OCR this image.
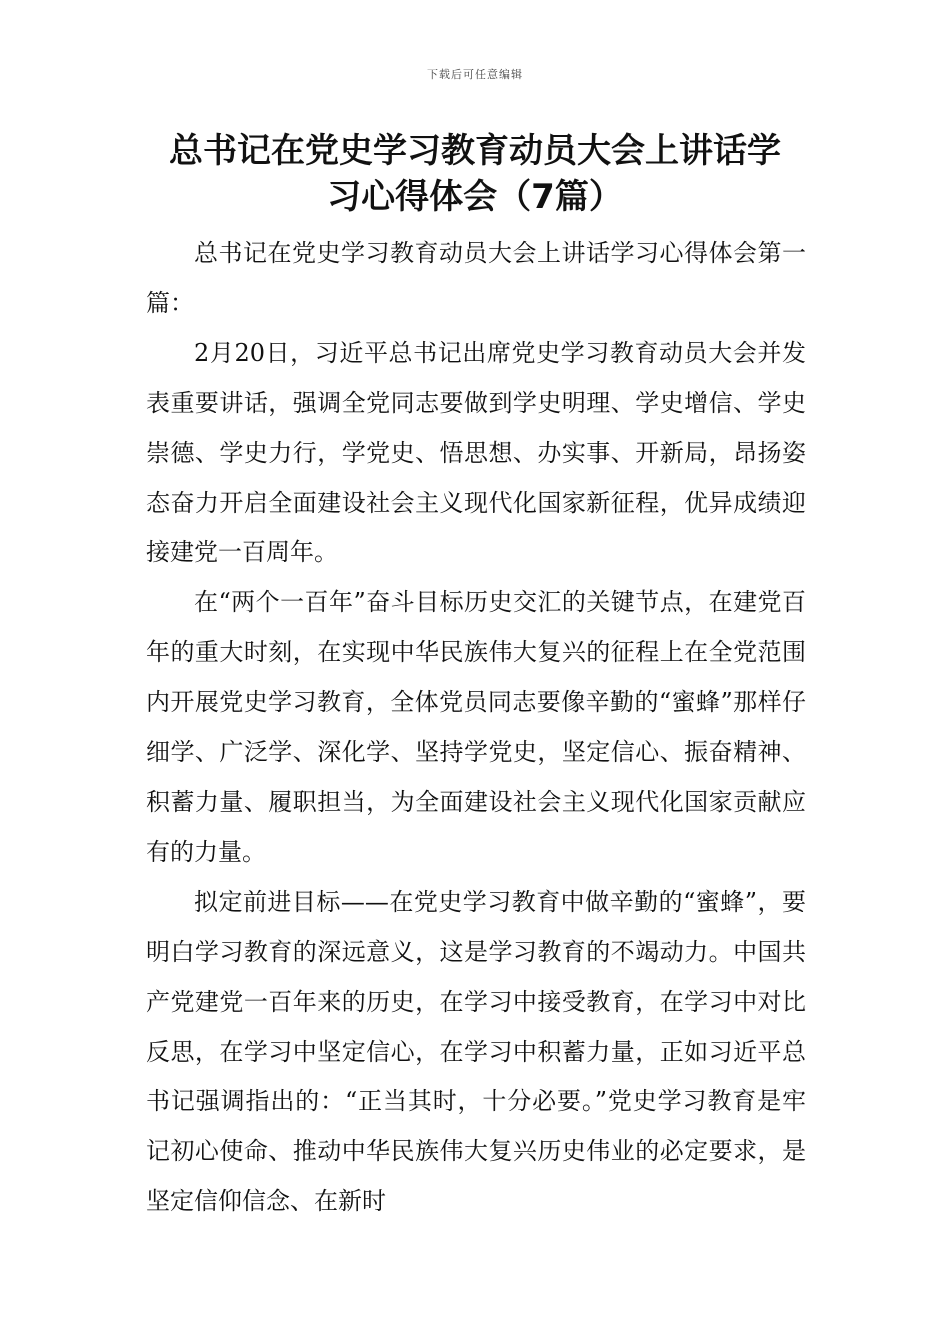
下载后可任意编辑
总书记在党史学习教育动员大会上讲话学
习心得体会（7篇）

总书记在党史学习教育动员大会上讲话学习心得体会第一篇：

2月20日，习近平总书记出席党史学习教育动员大会并发表重要讲话，强调全党同志要做到学史明理、学史增信、学史崇德、学史力行，学党史、悟思想、办实事、开新局，昂扬姿态奋力开启全面建设社会主义现代化国家新征程，优异成绩迎接建党一百周年。

在“两个一百年”奋斗目标历史交汇的关键节点，在建党百年的重大时刻，在实现中华民族伟大复兴的征程上在全党范围内开展党史学习教育，全体党员同志要像辛勤的“蜜蜂”那样仔细学、广泛学、深化学、坚持学党史，坚定信心、振奋精神、积蓄力量、履职担当，为全面建设社会主义现代化国家贡献应有的力量。

拟定前进目标——在党史学习教育中做辛勤的“蜜蜂”，要明白学习教育的深远意义，这是学习教育的不竭动力。中国共产党建党一百年来的历史，在学习中接受教育，在学习中对比反思，在学习中坚定信心，在学习中积蓄力量，正如习近平总书记强调指出的：“正当其时，十分必要。”党史学习教育是牢记初心使命、推动中华民族伟大复兴历史伟业的必定要求，是坚定信仰信念、在新时
